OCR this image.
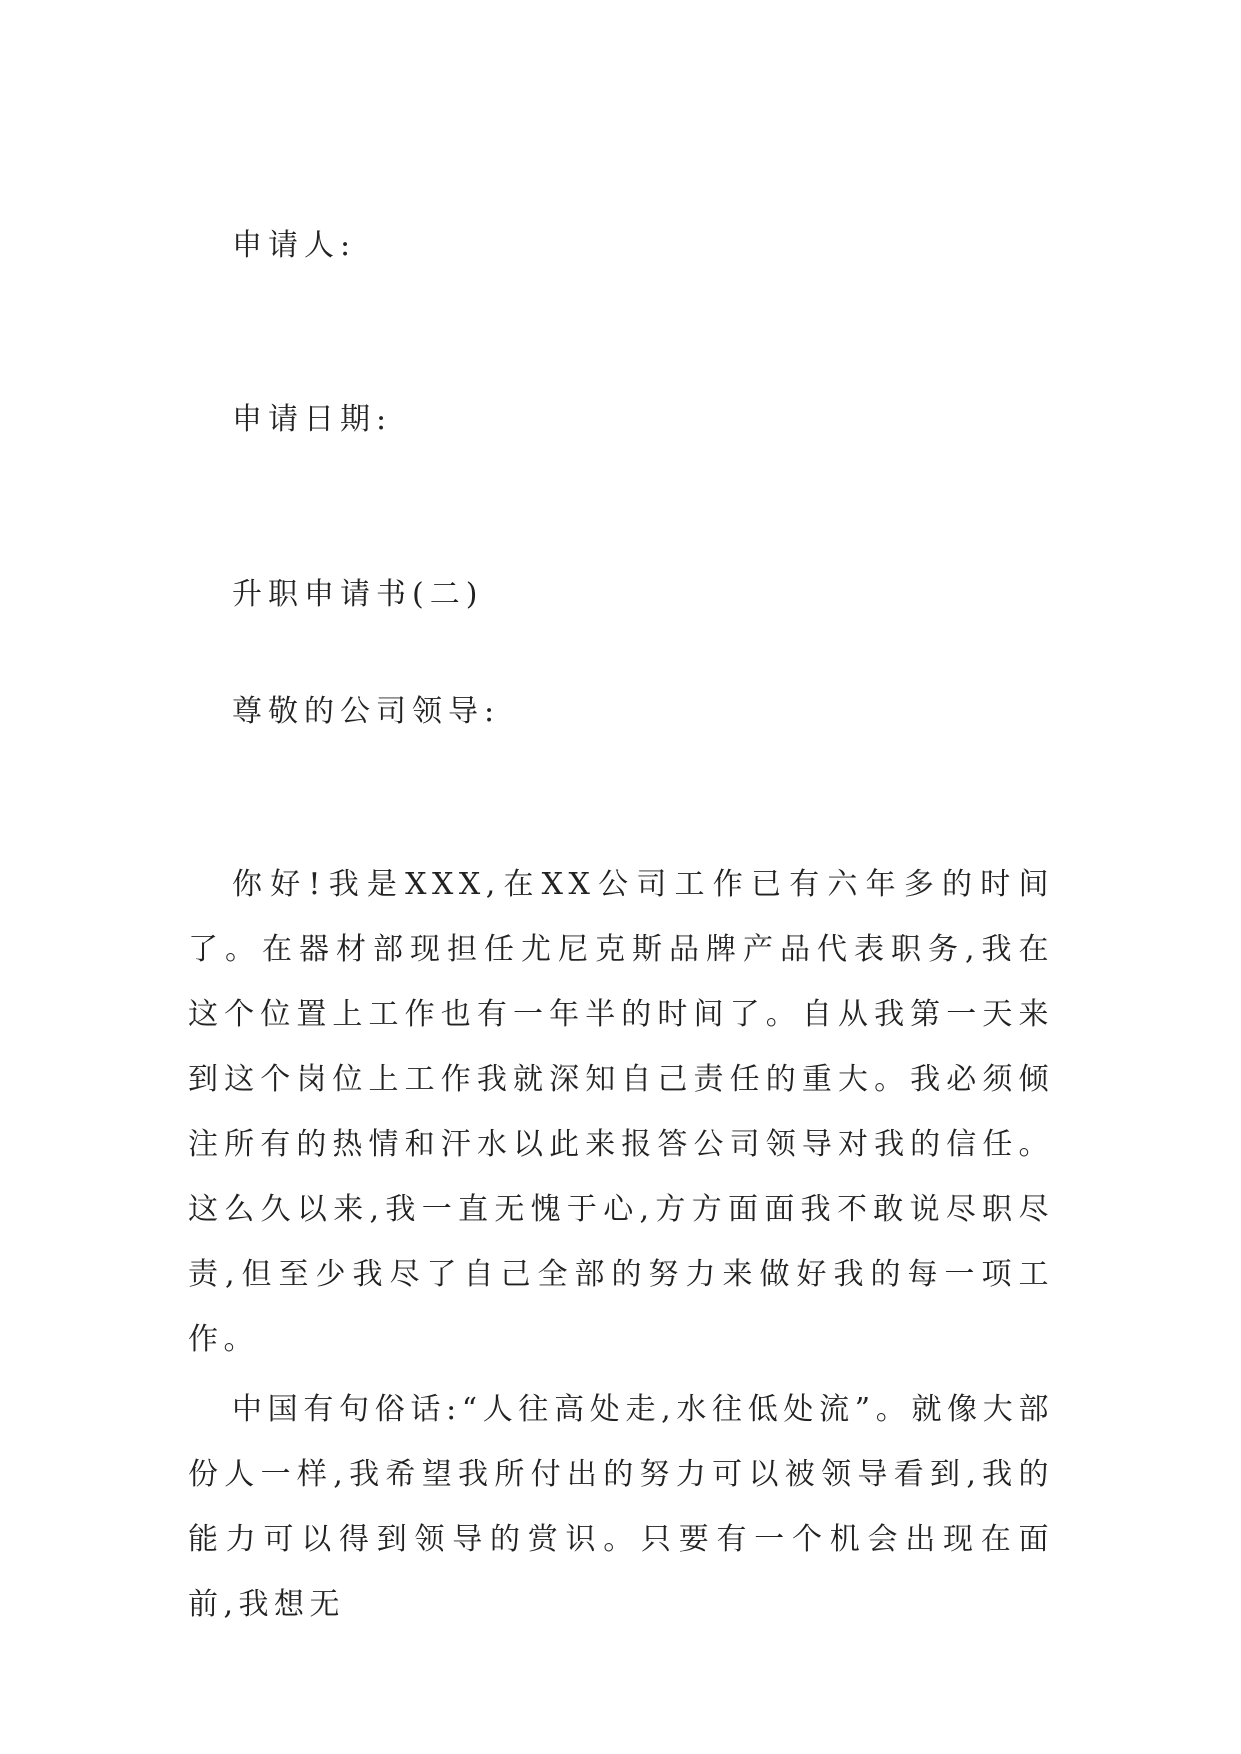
申请人:

申请日期:

升职申请书(二)

尊敬的公司领导:

你好!我是XXX,在XX公司工作已有六年多的时间了。在器材部现担任尤尼克斯品牌产品代表职务,我在这个位置上工作也有一年半的时间了。自从我第一天来到这个岗位上工作我就深知自己责任的重大。我必须倾注所有的热情和汗水以此来报答公司领导对我的信任。这么久以来,我一直无愧于心,方方面面我不敢说尽职尽责,但至少我尽了自己全部的努力来做好我的每一项工作。

中国有句俗话:“人往高处走,水往低处流”。就像大部份人一样,我希望我所付出的努力可以被领导看到,我的能力可以得到领导的赏识。只要有一个机会出现在面前,我想无
